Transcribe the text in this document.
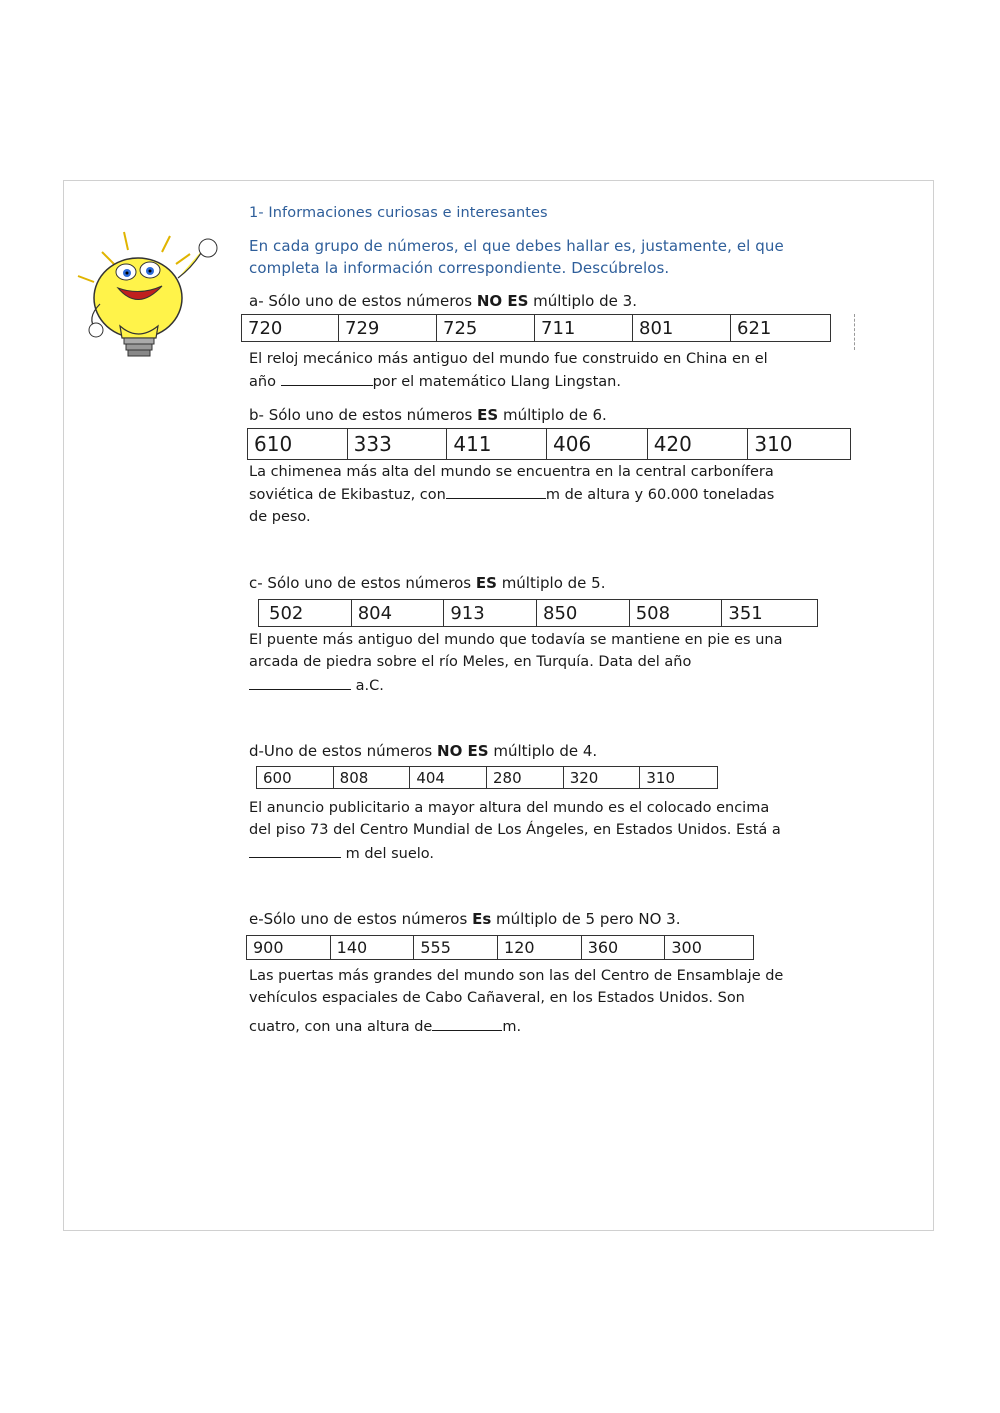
1- Informaciones curiosas e interesantes
En cada grupo de números, el que debes hallar es, justamente, el que
completa la información correspondiente. Descúbrelos.
a- Sólo uno de estos números NO ES múltiplo de 3.
720	729	725	711	801	621
El reloj mecánico más antiguo del mundo fue construido en China en el
año	por el matemático Llang Lingstan.
b- Sólo uno de estos números ES múltiplo de 6.
610	333	411	406	420	310
La chimenea más alta del mundo se encuentra en la central carbonífera
soviética de Ekibastuz, con	m de altura y 60.000 toneladas
de peso.
c- Sólo uno de estos números ES múltiplo de 5.
502	804	913	850	508	351
El puente más antiguo del mundo que todavía se mantiene en pie es una
arcada de piedra sobre el río Meles, en Turquía. Data del año
a.C.
d-Uno de estos números NO ES múltiplo de 4.
600	808	404	280	320	310
El anuncio publicitario a mayor altura del mundo es el colocado encima
del piso 73 del Centro Mundial de Los Ángeles, en Estados Unidos. Está a
m del suelo.
e-Sólo uno de estos números Es múltiplo de 5 pero NO 3.
900	140	555	120	360	300
Las puertas más grandes del mundo son las del Centro de Ensamblaje de
vehículos espaciales de Cabo Cañaveral, en los Estados Unidos. Son
cuatro, con una altura de	m.
